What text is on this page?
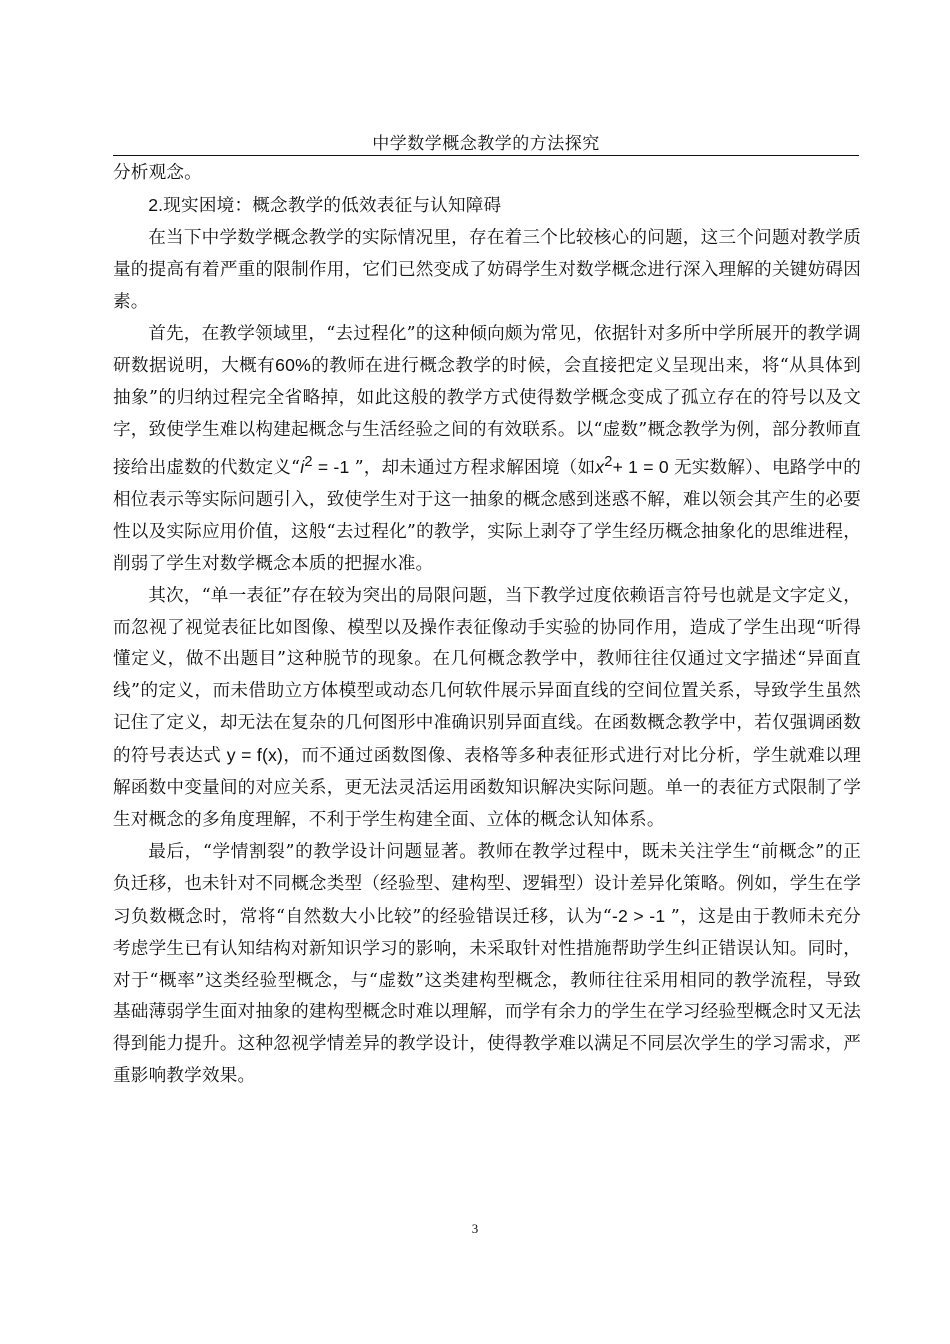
中学数学概念教学的方法探究

分析观念。

2.现实困境：概念教学的低效表征与认知障碍

在当下中学数学概念教学的实际情况里，存在着三个比较核心的问题，这三个问题对教学质量的提高有着严重的限制作用，它们已然变成了妨碍学生对数学概念进行深入理解的关键妨碍因素。

首先，在教学领域里，“去过程化”的这种倾向颇为常见，依据针对多所中学所展开的教学调研数据说明，大概有60%的教师在进行概念教学的时候，会直接把定义呈现出来，将“从具体到抽象”的归纳过程完全省略掉，如此这般的教学方式使得数学概念变成了孤立存在的符号以及文字，致使学生难以构建起概念与生活经验之间的有效联系。以“虚数”概念教学为例，部分教师直接给出虚数的代数定义“$i^2 = -1$ ”，却未通过方程求解困境（如$x^2+ 1 = 0$ 无实数解）、电路学中的相位表示等实际问题引入，致使学生对于这一抽象的概念感到迷惑不解，难以领会其产生的必要性以及实际应用价值，这般“去过程化”的教学，实际上剥夺了学生经历概念抽象化的思维进程，削弱了学生对数学概念本质的把握水准。

其次，“单一表征”存在较为突出的局限问题，当下教学过度依赖语言符号也就是文字定义，而忽视了视觉表征比如图像、模型以及操作表征像动手实验的协同作用，造成了学生出现“听得懂定义，做不出题目”这种脱节的现象。在几何概念教学中，教师往往仅通过文字描述“异面直线”的定义，而未借助立方体模型或动态几何软件展示异面直线的空间位置关系，导致学生虽然记住了定义，却无法在复杂的几何图形中准确识别异面直线。在函数概念教学中，若仅强调函数的符号表达式 y = f(x)，而不通过函数图像、表格等多种表征形式进行对比分析，学生就难以理解函数中变量间的对应关系，更无法灵活运用函数知识解决实际问题。单一的表征方式限制了学生对概念的多角度理解，不利于学生构建全面、立体的概念认知体系。

最后，“学情割裂”的教学设计问题显著。教师在教学过程中，既未关注学生“前概念”的正负迁移，也未针对不同概念类型（经验型、建构型、逻辑型）设计差异化策略。例如，学生在学习负数概念时，常将“自然数大小比较”的经验错误迁移，认为“-2 > -1 ”，这是由于教师未充分考虑学生已有认知结构对新知识学习的影响，未采取针对性措施帮助学生纠正错误认知。同时，对于“概率”这类经验型概念，与“虚数”这类建构型概念，教师往往采用相同的教学流程，导致基础薄弱学生面对抽象的建构型概念时难以理解，而学有余力的学生在学习经验型概念时又无法得到能力提升。这种忽视学情差异的教学设计，使得教学难以满足不同层次学生的学习需求，严重影响教学效果。

3
